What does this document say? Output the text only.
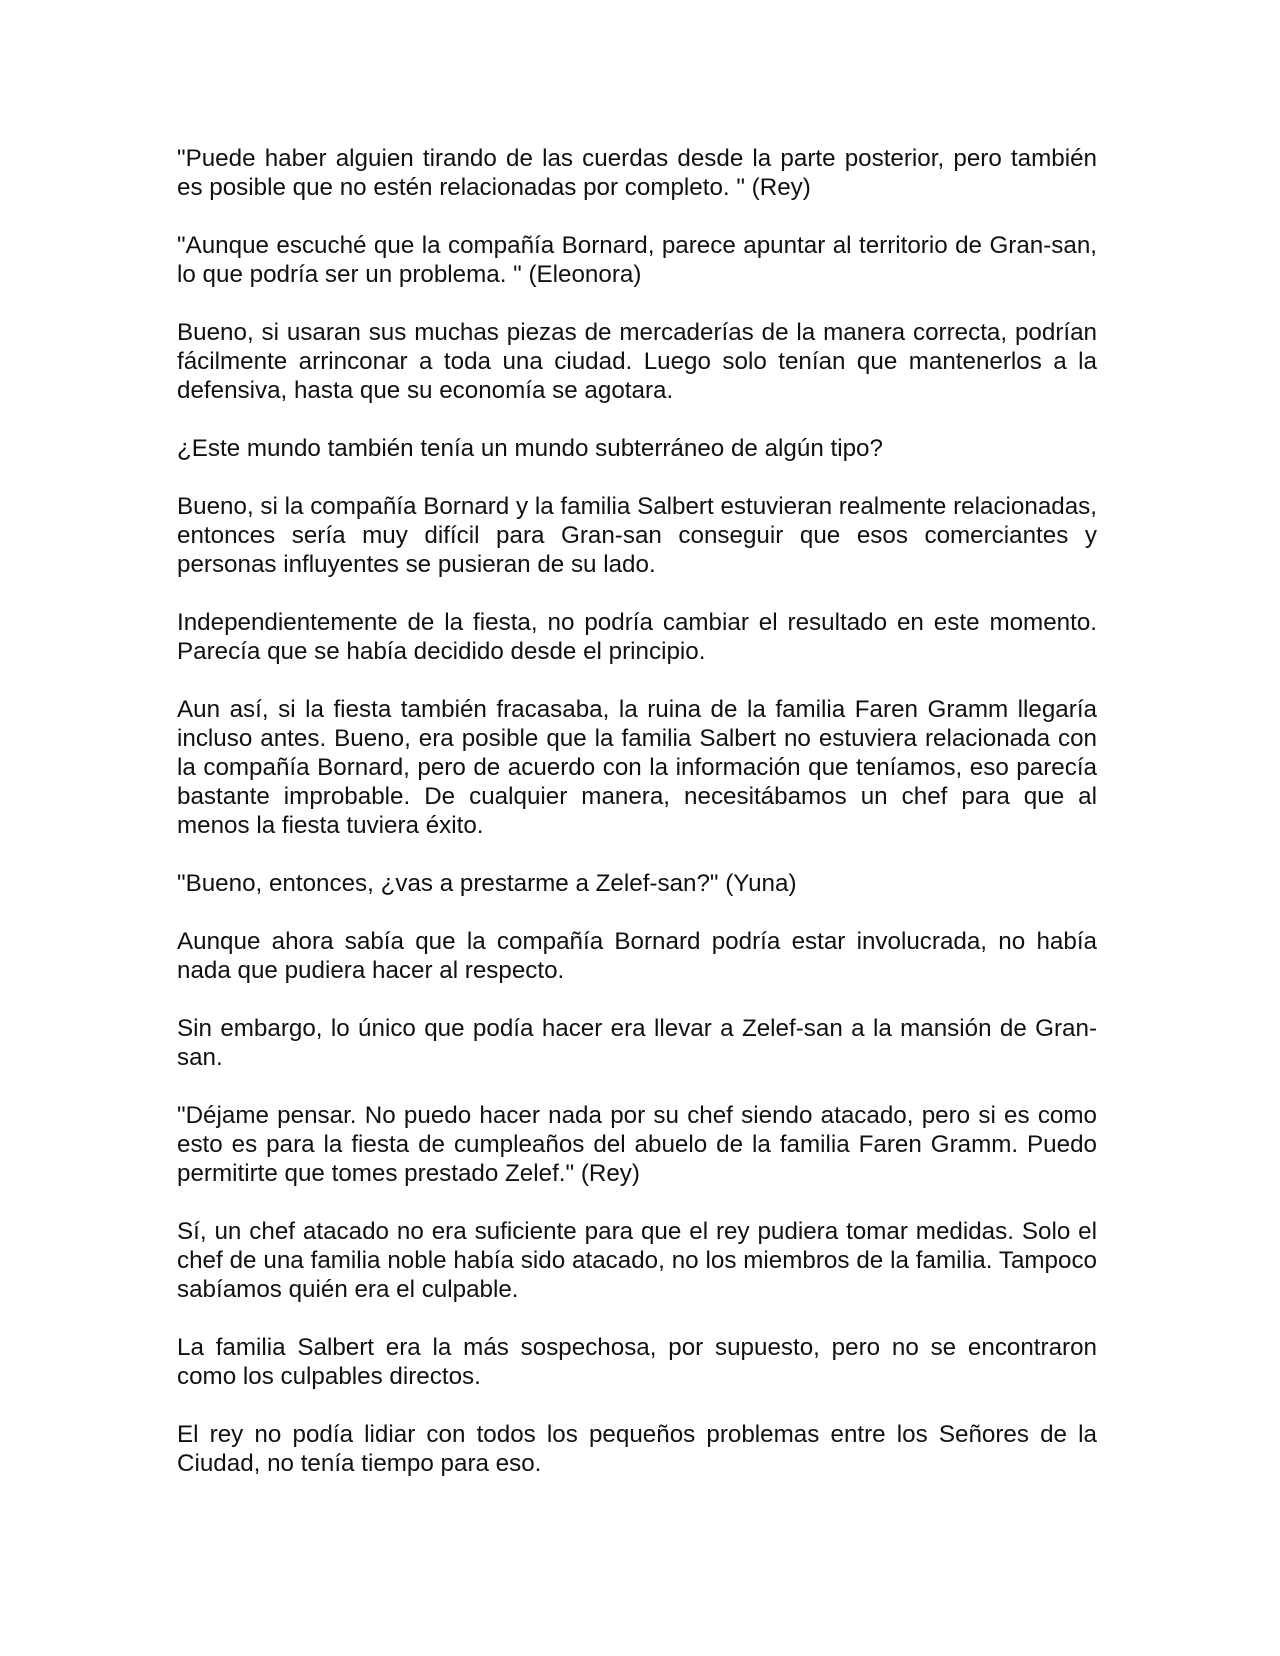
"Puede haber alguien tirando de las cuerdas desde la parte posterior, pero también es posible que no estén relacionadas por completo. " (Rey)

"Aunque escuché que la compañía Bornard, parece apuntar al territorio de Gran-san, lo que podría ser un problema. " (Eleonora)

Bueno, si usaran sus muchas piezas de mercaderías de la manera correcta, podrían fácilmente arrinconar a toda una ciudad. Luego solo tenían que mantenerlos a la defensiva, hasta que su economía se agotara.

¿Este mundo también tenía un mundo subterráneo de algún tipo?

Bueno, si la compañía Bornard y la familia Salbert estuvieran realmente relacionadas, entonces sería muy difícil para Gran-san conseguir que esos comerciantes y personas influyentes se pusieran de su lado.

Independientemente de la fiesta, no podría cambiar el resultado en este momento. Parecía que se había decidido desde el principio.

Aun así, si la fiesta también fracasaba, la ruina de la familia Faren Gramm llegaría incluso antes. Bueno, era posible que la familia Salbert no estuviera relacionada con la compañía Bornard, pero de acuerdo con la información que teníamos, eso parecía bastante improbable. De cualquier manera, necesitábamos un chef para que al menos la fiesta tuviera éxito.

"Bueno, entonces, ¿vas a prestarme a Zelef-san?" (Yuna)

Aunque ahora sabía que la compañía Bornard podría estar involucrada, no había nada que pudiera hacer al respecto.

Sin embargo, lo único que podía hacer era llevar a Zelef-san a la mansión de Gran-san.

"Déjame pensar. No puedo hacer nada por su chef siendo atacado, pero si es como esto es para la fiesta de cumpleaños del abuelo de la familia Faren Gramm. Puedo permitirte que tomes prestado Zelef." (Rey)

Sí, un chef atacado no era suficiente para que el rey pudiera tomar medidas. Solo el chef de una familia noble había sido atacado, no los miembros de la familia. Tampoco sabíamos quién era el culpable.

La familia Salbert era la más sospechosa, por supuesto, pero no se encontraron como los culpables directos.

El rey no podía lidiar con todos los pequeños problemas entre los Señores de la Ciudad, no tenía tiempo para eso.
